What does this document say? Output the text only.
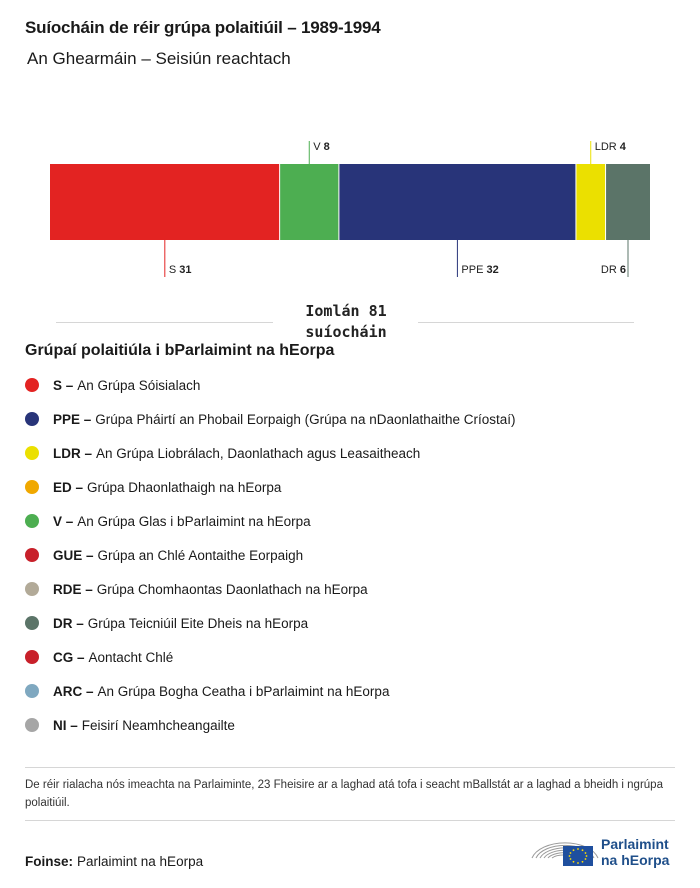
Suíocháin de réir grúpa polaitiúil – 1989-1994
An Ghearmáin – Seisiún reachtach
S 31
V 8
PPE 32
LDR 4
DR 6
Iomlán 81
suíocháin
Grúpaí polaitiúla i bParlaimint na hEorpa
S – An Grúpa Sóisialach
PPE – Grúpa Pháirtí an Phobail Eorpaigh (Grúpa na nDaonlathaithe Críostaí)
LDR – An Grúpa Liobrálach, Daonlathach agus Leasaitheach
ED – Grúpa Dhaonlathaigh na hEorpa
V – An Grúpa Glas i bParlaimint na hEorpa
GUE – Grúpa an Chlé Aontaithe Eorpaigh
RDE – Grúpa Chomhaontas Daonlathach na hEorpa
DR – Grúpa Teicniúil Eite Dheis na hEorpa
CG – Aontacht Chlé
ARC – An Grúpa Bogha Ceatha i bParlaimint na hEorpa
NI – Feisirí Neamhcheangailte
De réir rialacha nós imeachta na Parlaiminte, 23 Fheisire ar a laghad atá tofa i seacht mBallstát ar a laghad a bheidh i ngrúpa polaitiúil.
Foinse: Parlaimint na hEorpa
Parlaimint
na hEorpa
